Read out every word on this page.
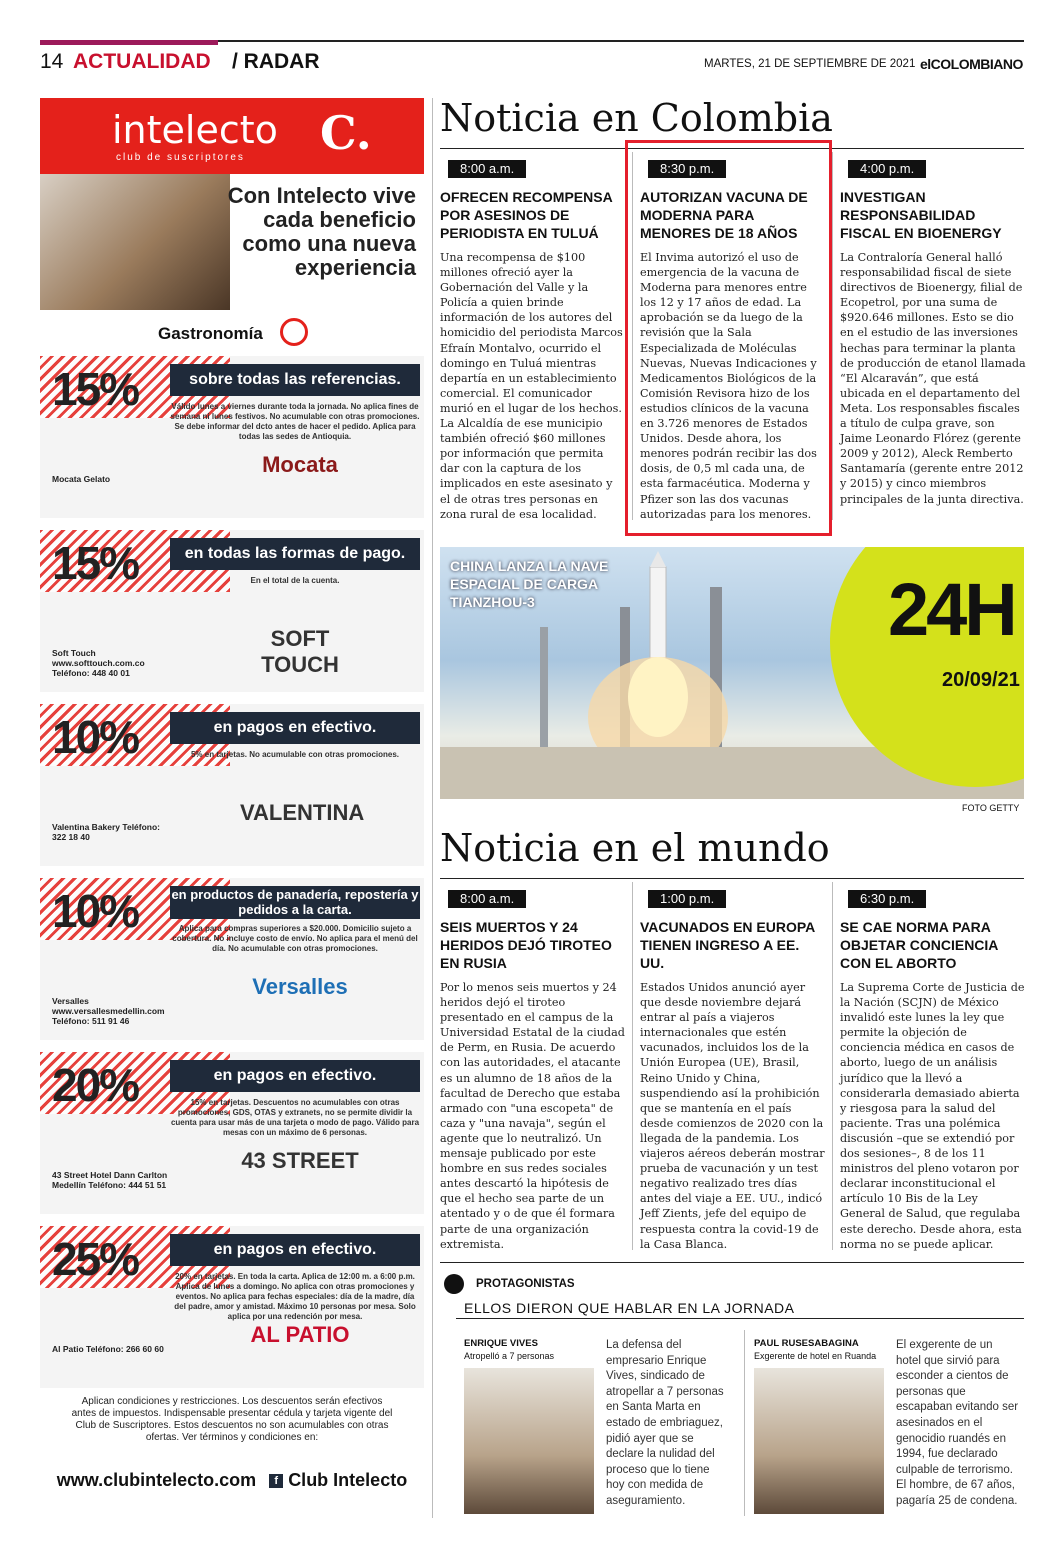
14 ACTUALIDAD / RADAR	MARTES, 21 DE SEPTIEMBRE DE 2021 elCOLOMBIANO
intelecto
club de suscriptores C.
Con Intelecto vive cada beneficio como una nueva experiencia
Gastronomía
Aplican condiciones y restricciones. Los descuentos serán efectivos antes de impuestos. Indispensable presentar cédula y tarjeta vigente del Club de Suscriptores. Estos descuentos no son acumulables con otras ofertas. Ver términos y condiciones en:
www.clubintelecto.com f Club Intelecto
15%	sobre todas las referencias.
Válido lunes a viernes durante toda la jornada. No aplica fines de semana ni lunes festivos. No acumulable con otras promociones. Se debe informar del dcto antes de hacer el pedido. Aplica para todas las sedes de Antioquia.
Mocata
Mocata Gelato
15%	en todas las formas de pago.
En el total de la cuenta.
SOFT TOUCH
Soft Touch www.softtouch.com.co Teléfono: 448 40 01
10%	en pagos en efectivo.
5% en tarjetas. No acumulable con otras promociones.
VALENTINA
Valentina Bakery Teléfono: 322 18 40
10%	en productos de panadería, repostería y pedidos a la carta.
Aplica para compras superiores a $20.000. Domicilio sujeto a cobertura. No incluye costo de envío. No aplica para el menú del día. No acumulable con otras promociones.
Versalles
Versalles www.versallesmedellin.com Teléfono: 511 91 46
20%	en pagos en efectivo.
15% en tarjetas. Descuentos no acumulables con otras promociones, GDS, OTAS y extranets, no se permite dividir la cuenta para usar más de una tarjeta o modo de pago. Válido para mesas con un máximo de 6 personas.
43 STREET
43 Street Hotel Dann Carlton Medellín Teléfono: 444 51 51
25%	en pagos en efectivo.
20% en tarjetas. En toda la carta. Aplica de 12:00 m. a 6:00 p.m. Aplica de lunes a domingo. No aplica con otras promociones y eventos. No aplica para fechas especiales: día de la madre, día del padre, amor y amistad. Máximo 10 personas por mesa. Solo aplica por una redención por mesa.
AL PATIO
Al Patio Teléfono: 266 60 60
Noticia en Colombia
CHINA LANZA LA NAVE ESPACIAL DE CARGA TIANZHOU-3	24H
20/09/21
FOTO GETTY
Noticia en el mundo
PROTAGONISTAS
ELLOS DIERON QUE HABLAR EN LA JORNADA
8:00 a.m.
OFRECEN RECOMPENSA POR ASESINOS DE PERIODISTA EN TULUÁ
Una recompensa de $100 millones ofreció ayer la Gobernación del Valle y la Policía a quien brinde información de los autores del homicidio del periodista Marcos Efraín Montalvo, ocurrido el domingo en Tuluá mientras departía en un establecimiento comercial. El comunicador murió en el lugar de los hechos. La Alcaldía de ese municipio también ofreció $60 millones por información que permita dar con la captura de los implicados en este asesinato y el de otras tres personas en zona rural de esa localidad.
8:30 p.m.
AUTORIZAN VACUNA DE MODERNA PARA MENORES DE 18 AÑOS
El Invima autorizó el uso de emergencia de la vacuna de Moderna para menores entre los 12 y 17 años de edad. La aprobación se da luego de la revisión que la Sala Especializada de Moléculas Nuevas, Nuevas Indicaciones y Medicamentos Biológicos de la Comisión Revisora hizo de los estudios clínicos de la vacuna en 3.726 menores de Estados Unidos. Desde ahora, los menores podrán recibir las dos dosis, de 0,5 ml cada una, de esta farmacéutica. Moderna y Pfizer son las dos vacunas autorizadas para los menores.
4:00 p.m.
INVESTIGAN RESPONSABILIDAD FISCAL EN BIOENERGY
La Contraloría General halló responsabilidad fiscal de siete directivos de Bioenergy, filial de Ecopetrol, por una suma de $920.646 millones. Esto se dio en el estudio de las inversiones hechas para terminar la planta de producción de etanol llamada “El Alcaraván”, que está ubicada en el departamento del Meta. Los responsables fiscales a título de culpa grave, son Jaime Leonardo Flórez (gerente 2009 y 2012), Aleck Remberto Santamaría (gerente entre 2012 y 2015) y cinco miembros principales de la junta directiva.
8:00 a.m.
SEIS MUERTOS Y 24 HERIDOS DEJÓ TIROTEO EN RUSIA
Por lo menos seis muertos y 24 heridos dejó el tiroteo presentado en el campus de la Universidad Estatal de la ciudad de Perm, en Rusia. De acuerdo con las autoridades, el atacante es un alumno de 18 años de la facultad de Derecho que estaba armado con "una escopeta" de caza y "una navaja", según el agente que lo neutralizó. Un mensaje publicado por este hombre en sus redes sociales antes descartó la hipótesis de que el hecho sea parte de un atentado y o de que él formara parte de una organización extremista.
1:00 p.m.
VACUNADOS EN EUROPA TIENEN INGRESO A EE. UU.
Estados Unidos anunció ayer que desde noviembre dejará entrar al país a viajeros internacionales que estén vacunados, incluidos los de la Unión Europea (UE), Brasil, Reino Unido y China, suspendiendo así la prohibición que se mantenía en el país desde comienzos de 2020 con la llegada de la pandemia. Los viajeros aéreos deberán mostrar prueba de vacunación y un test negativo realizado tres días antes del viaje a EE. UU., indicó Jeff Zients, jefe del equipo de respuesta contra la covid-19 de la Casa Blanca.
6:30 p.m.
SE CAE NORMA PARA OBJETAR CONCIENCIA CON EL ABORTO
La Suprema Corte de Justicia de la Nación (SCJN) de México invalidó este lunes la ley que permite la objeción de conciencia médica en casos de aborto, luego de un análisis jurídico que la llevó a considerarla demasiado abierta y riesgosa para la salud del paciente. Tras una polémica discusión –que se extendió por dos sesiones–, 8 de los 11 ministros del pleno votaron por declarar inconstitucional el artículo 10 Bis de la Ley General de Salud, que regulaba este derecho. Desde ahora, esta norma no se puede aplicar.
ENRIQUE VIVES
Atropelló a 7 personas
La defensa del empresario Enrique Vives, sindicado de atropellar a 7 personas en Santa Marta en estado de embriaguez, pidió ayer que se declare la nulidad del proceso que lo tiene hoy con medida de aseguramiento.
PAUL RUSESABAGINA
Exgerente de hotel en Ruanda
El exgerente de un hotel que sirvió para esconder a cientos de personas que escapaban evitando ser asesinados en el genocidio ruandés en 1994, fue declarado culpable de terrorismo. El hombre, de 67 años, pagaría 25 de condena.
